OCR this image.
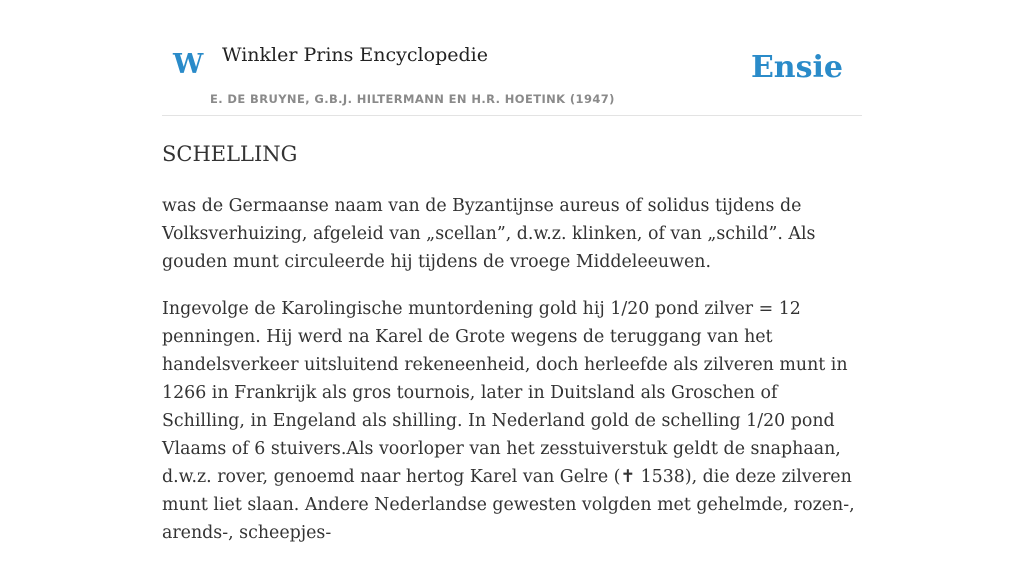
W Winkler Prins Encyclopedie
E. DE BRUYNE, G.B.J. HILTERMANN EN H.R. HOETINK (1947)
Ensie
SCHELLING

was de Germaanse naam van de Byzantijnse aureus of solidus tijdens de Volksverhuizing, afgeleid van „scellan”, d.w.z. klinken, of van „schild”. Als gouden munt circuleerde hij tijdens de vroege Middeleeuwen.

Ingevolge de Karolingische muntordening gold hij 1/20 pond zilver = 12 penningen. Hij werd na Karel de Grote wegens de teruggang van het handelsverkeer uitsluitend rekeneenheid, doch herleefde als zilveren munt in 1266 in Frankrijk als gros tournois, later in Duitsland als Groschen of Schilling, in Engeland als shilling. In Nederland gold de schelling 1/20 pond Vlaams of 6 stuivers.Als voorloper van het zesstuiverstuk geldt de snaphaan, d.w.z. rover, genoemd naar hertog Karel van Gelre (✝ 1538), die deze zilveren munt liet slaan. Andere Nederlandse gewesten volgden met gehelmde, rozen-, arends-, scheepjes-
